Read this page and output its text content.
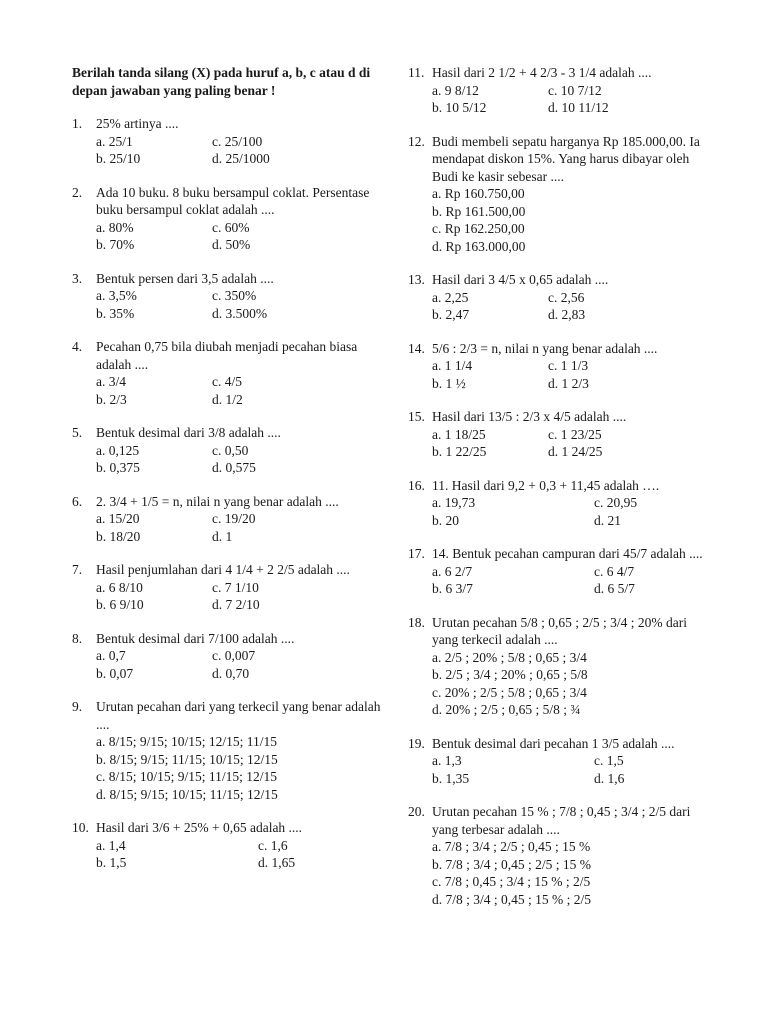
Berilah tanda silang (X) pada huruf a, b, c atau d di depan jawaban yang paling benar !
1.	25% artinya ....
a. 25/1	c. 25/100
b. 25/10	d. 25/1000
2.	Ada 10 buku. 8 buku bersampul coklat. Persentase buku bersampul coklat adalah ....
a. 80%	c. 60%
b. 70%	d. 50%
3.	Bentuk persen dari 3,5 adalah ....
a. 3,5%	c. 350%
b. 35%	d. 3.500%
4.	Pecahan 0,75 bila diubah menjadi pecahan biasa adalah ....
a. 3/4	c. 4/5
b. 2/3	d. 1/2
5.	Bentuk desimal dari 3/8 adalah ....
a. 0,125	c. 0,50
b. 0,375	d. 0,575
6.	2. 3/4 + 1/5 = n, nilai n yang benar adalah ....
a. 15/20	c. 19/20
b. 18/20	d. 1
7.	Hasil penjumlahan dari 4 1/4 + 2 2/5 adalah ....
a. 6 8/10	c. 7 1/10
b. 6 9/10	d. 7 2/10
8.	Bentuk desimal dari 7/100 adalah ....
a. 0,7	c. 0,007
b. 0,07	d. 0,70
9.	Urutan pecahan dari yang terkecil yang benar adalah ....
a. 8/15; 9/15; 10/15; 12/15; 11/15
b. 8/15; 9/15; 11/15; 10/15; 12/15
c. 8/15; 10/15; 9/15; 11/15; 12/15
d. 8/15; 9/15; 10/15; 11/15; 12/15
10. Hasil dari 3/6 + 25% + 0,65 adalah ....
a. 1,4	c. 1,6
b. 1,5	d. 1,65
11. Hasil dari 2 1/2 + 4 2/3 - 3 1/4 adalah ....
a. 9 8/12	c. 10 7/12
b. 10 5/12	d. 10 11/12
12. Budi membeli sepatu harganya Rp 185.000,00. Ia mendapat diskon 15%. Yang harus dibayar oleh Budi ke kasir sebesar ....
a. Rp 160.750,00
b. Rp 161.500,00
c. Rp 162.250,00
d. Rp 163.000,00
13. Hasil dari 3 4/5 x 0,65 adalah ....
a. 2,25	c. 2,56
b. 2,47	d. 2,83
14. 5/6 : 2/3 = n, nilai n yang benar adalah ....
a. 1 1/4	c. 1 1/3
b. 1 ½	d. 1 2/3
15. Hasil dari 13/5 : 2/3 x 4/5 adalah ....
a. 1 18/25	c. 1 23/25
b. 1 22/25	d. 1 24/25
16. 11. Hasil dari 9,2 + 0,3 + 11,45 adalah ….
a. 19,73	c. 20,95
b. 20	d. 21
17. 14. Bentuk pecahan campuran dari 45/7 adalah ....
a. 6 2/7	c. 6 4/7
b. 6 3/7	d. 6 5/7
18. Urutan pecahan 5/8 ; 0,65 ; 2/5 ; 3/4 ; 20% dari yang terkecil adalah ....
a. 2/5 ; 20% ; 5/8 ; 0,65 ; 3/4
b. 2/5 ; 3/4 ; 20% ; 0,65 ; 5/8
c. 20% ; 2/5 ; 5/8 ; 0,65 ; 3/4
d. 20% ; 2/5 ; 0,65 ; 5/8 ; ¾
19. Bentuk desimal dari pecahan 1 3/5 adalah ....
a. 1,3	c. 1,5
b. 1,35	d. 1,6
20. Urutan pecahan 15 % ; 7/8 ; 0,45 ; 3/4 ; 2/5 dari yang terbesar adalah ....
a. 7/8 ; 3/4 ; 2/5 ; 0,45 ; 15 %
b. 7/8 ; 3/4 ; 0,45 ; 2/5 ; 15 %
c. 7/8 ; 0,45 ; 3/4 ; 15 % ; 2/5
d. 7/8 ; 3/4 ; 0,45 ; 15 % ; 2/5
